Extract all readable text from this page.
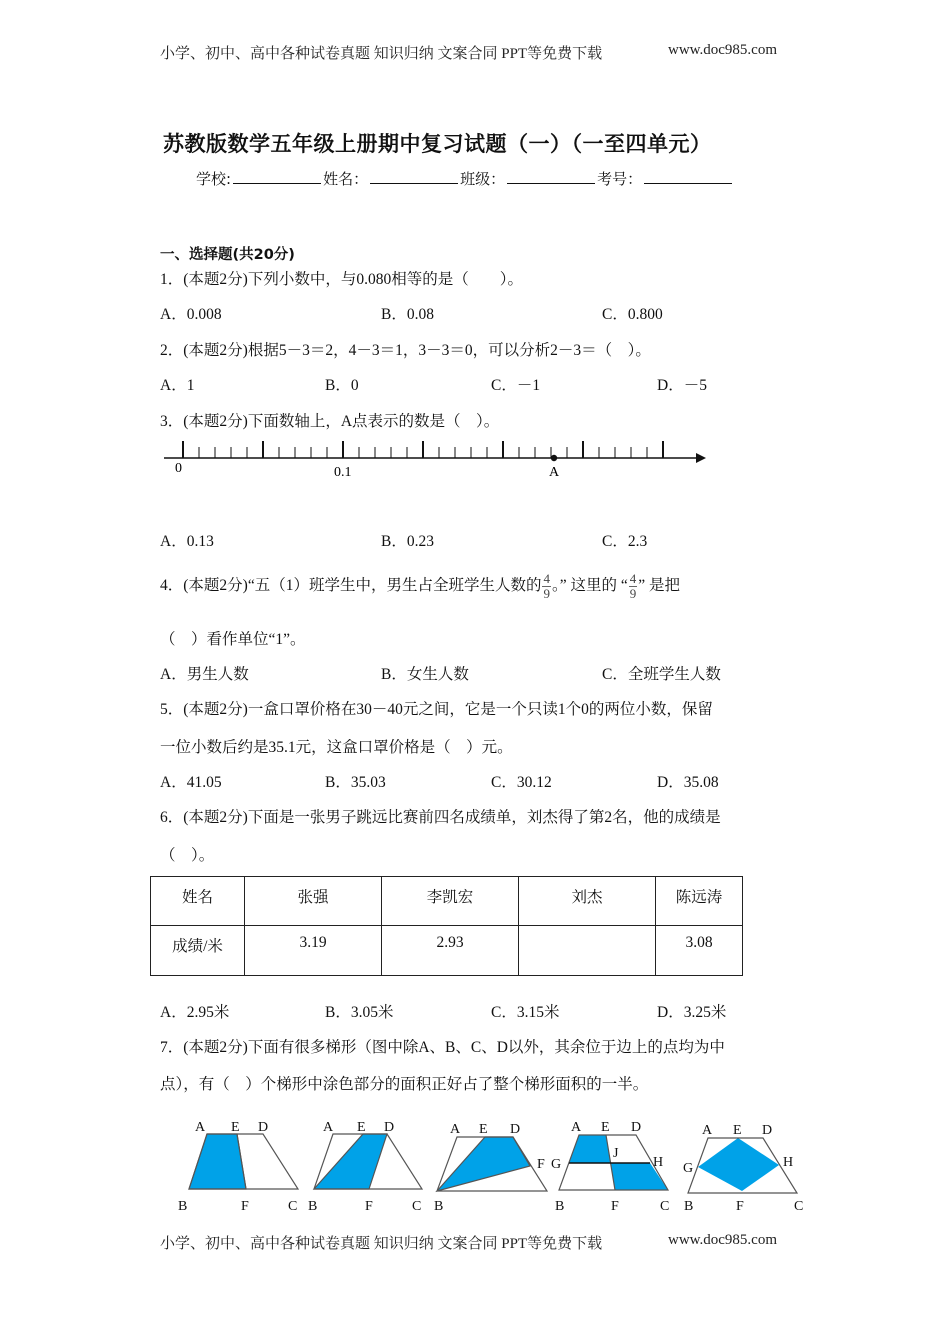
小学、初中、高中各种试卷真题 知识归纳 文案合同 PPT等免费下载	www.doc985.com
苏教版数学五年级上册期中复习试题（一）（一至四单元）
学校:	姓名：	班级：	考号：
一、选择题(共20分)
1．(本题2分)下列小数中，与0.080相等的是（　　）。
A．0.008	B．0.08	C．0.800
2．(本题2分)根据5－3＝2，4－3＝1，3－3＝0，可以分析2－3＝（　）。
A．1	B．0	C．－1	D．－5
3．(本题2分)下面数轴上，A点表示的数是（　）。
0	0.1	A
A．0.13	B．0.23	C．2.3
4．(本题2分)“五（1）班学生中，男生占全班学生人数的 $\frac{4}{9}$ 。” 这里的 “ $\frac{4}{9}$ ” 是把
（　）看作单位“1”。
A．男生人数	B．女生人数	C．全班学生人数
5．(本题2分)一盒口罩价格在30－40元之间，它是一个只读1个0的两位小数，保留
一位小数后约是35.1元，这盒口罩价格是（　）元。
A．41.05	B．35.03	C．30.12	D．35.08
6．(本题2分)下面是一张男子跳远比赛前四名成绩单，刘杰得了第2名，他的成绩是
（　）。
姓名	张强	李凯宏	刘杰	陈远涛
成绩/米	3.19	2.93		3.08
A．2.95米	B．3.05米	C．3.15米	D．3.25米
7．(本题2分)下面有很多梯形（图中除A、B、C、D以外，其余位于边上的点均为中
点），有（　）个梯形中涂色部分的面积正好占了整个梯形面积的一半。
A E D
B	F	C
A E D
B	F	C
A E D
F
B
A E D
G
J
H
B	F	C
A E D
G	H
B	F	C
小学、初中、高中各种试卷真题 知识归纳 文案合同 PPT等免费下载	www.doc985.com
